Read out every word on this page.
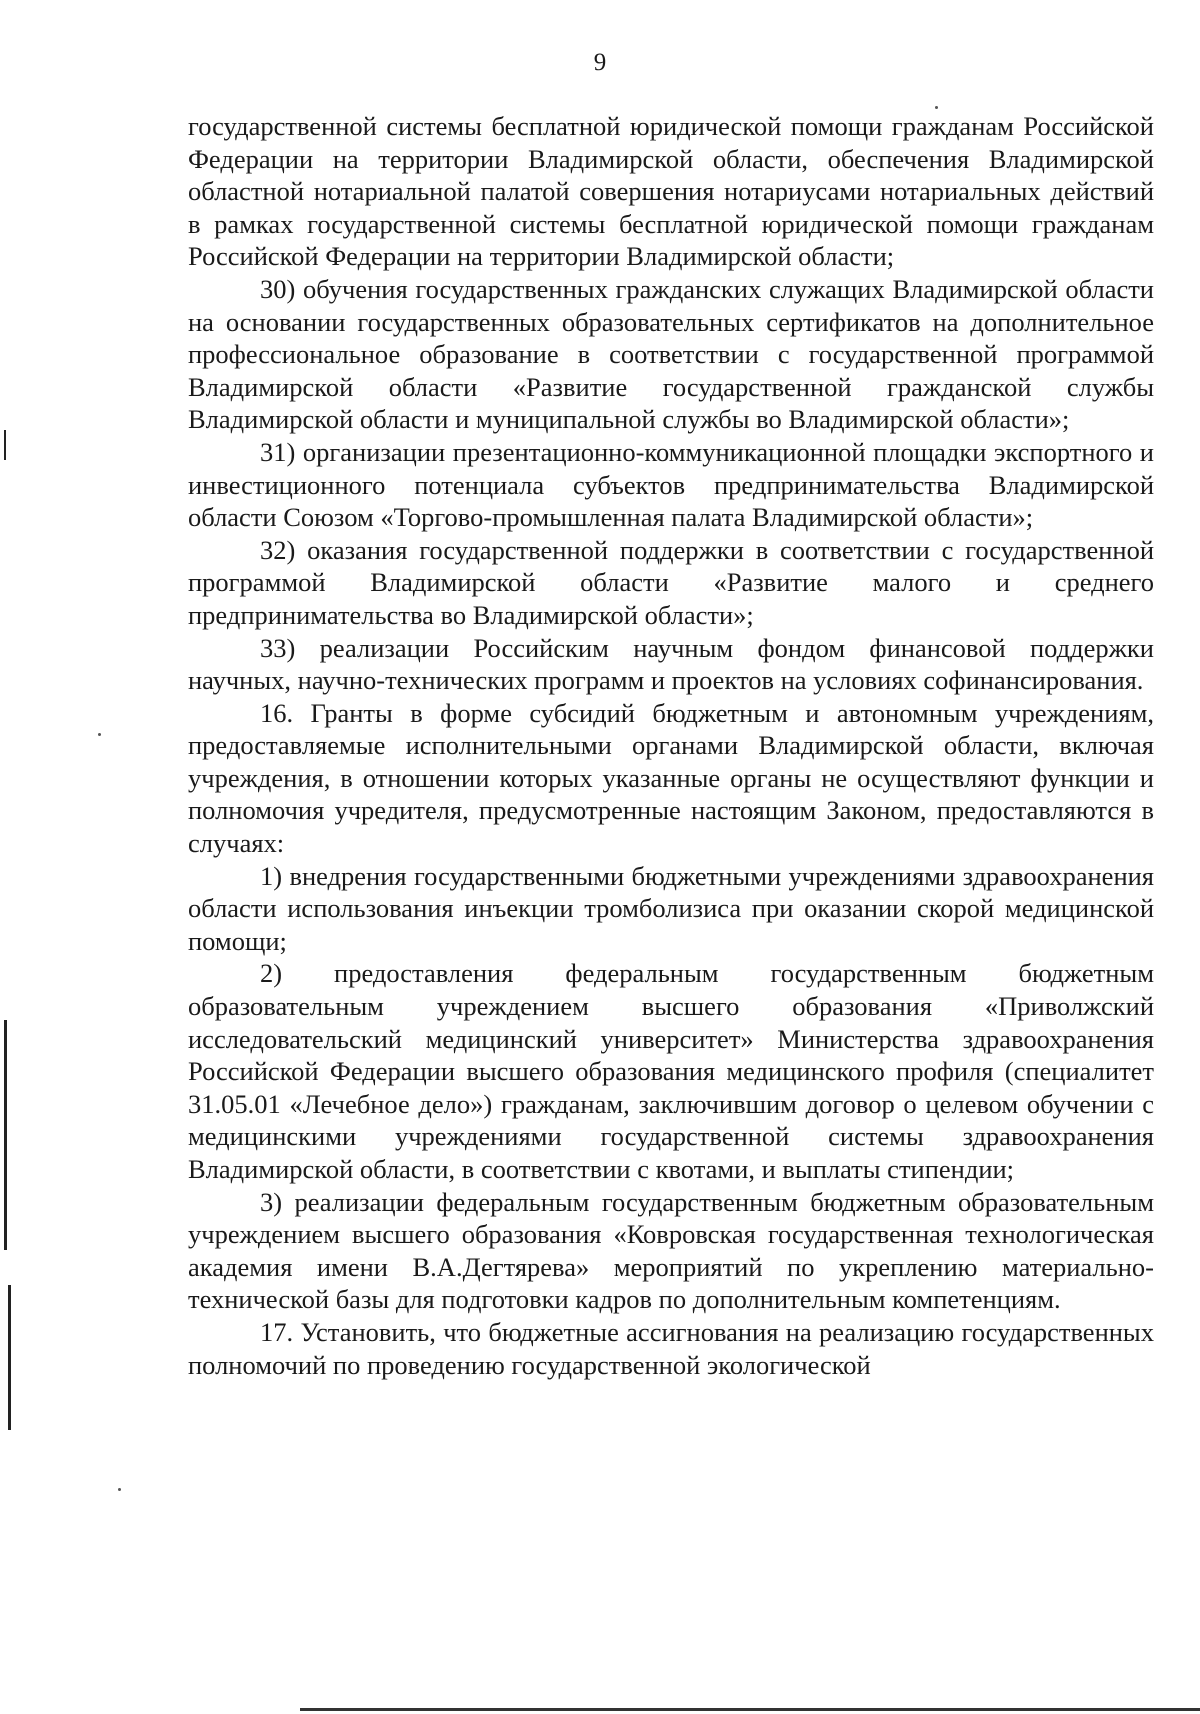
9

государственной системы бесплатной юридической помощи гражданам Российской Федерации на территории Владимирской области, обеспечения Владимирской областной нотариальной палатой совершения нотариусами нотариальных действий в рамках государственной системы бесплатной юридической помощи гражданам Российской Федерации на территории Владимирской области;

30) обучения государственных гражданских служащих Владимирской области на основании государственных образовательных сертификатов на дополнительное профессиональное образование в соответствии с государственной программой Владимирской области «Развитие государственной гражданской службы Владимирской области и муниципальной службы во Владимирской области»;

31) организации презентационно-коммуникационной площадки экспортного и инвестиционного потенциала субъектов предпринимательства Владимирской области Союзом «Торгово-промышленная палата Владимирской области»;

32) оказания государственной поддержки в соответствии с государственной программой Владимирской области «Развитие малого и среднего предпринимательства во Владимирской области»;

33) реализации Российским научным фондом финансовой поддержки научных, научно-технических программ и проектов на условиях софинансирования.

16. Гранты в форме субсидий бюджетным и автономным учреждениям, предоставляемые исполнительными органами Владимирской области, включая учреждения, в отношении которых указанные органы не осуществляют функции и полномочия учредителя, предусмотренные настоящим Законом, предоставляются в случаях:

1) внедрения государственными бюджетными учреждениями здравоохранения области использования инъекции тромболизиса при оказании скорой медицинской помощи;

2) предоставления федеральным государственным бюджетным образовательным учреждением высшего образования «Приволжский исследовательский медицинский университет» Министерства здравоохранения Российской Федерации высшего образования медицинского профиля (специалитет 31.05.01 «Лечебное дело») гражданам, заключившим договор о целевом обучении с медицинскими учреждениями государственной системы здравоохранения Владимирской области, в соответствии с квотами, и выплаты стипендии;

3) реализации федеральным государственным бюджетным образовательным учреждением высшего образования «Ковровская государственная технологическая академия имени В.А.Дегтярева» мероприятий по укреплению материально-технической базы для подготовки кадров по дополнительным компетенциям.

17. Установить, что бюджетные ассигнования на реализацию государственных полномочий по проведению государственной экологической
